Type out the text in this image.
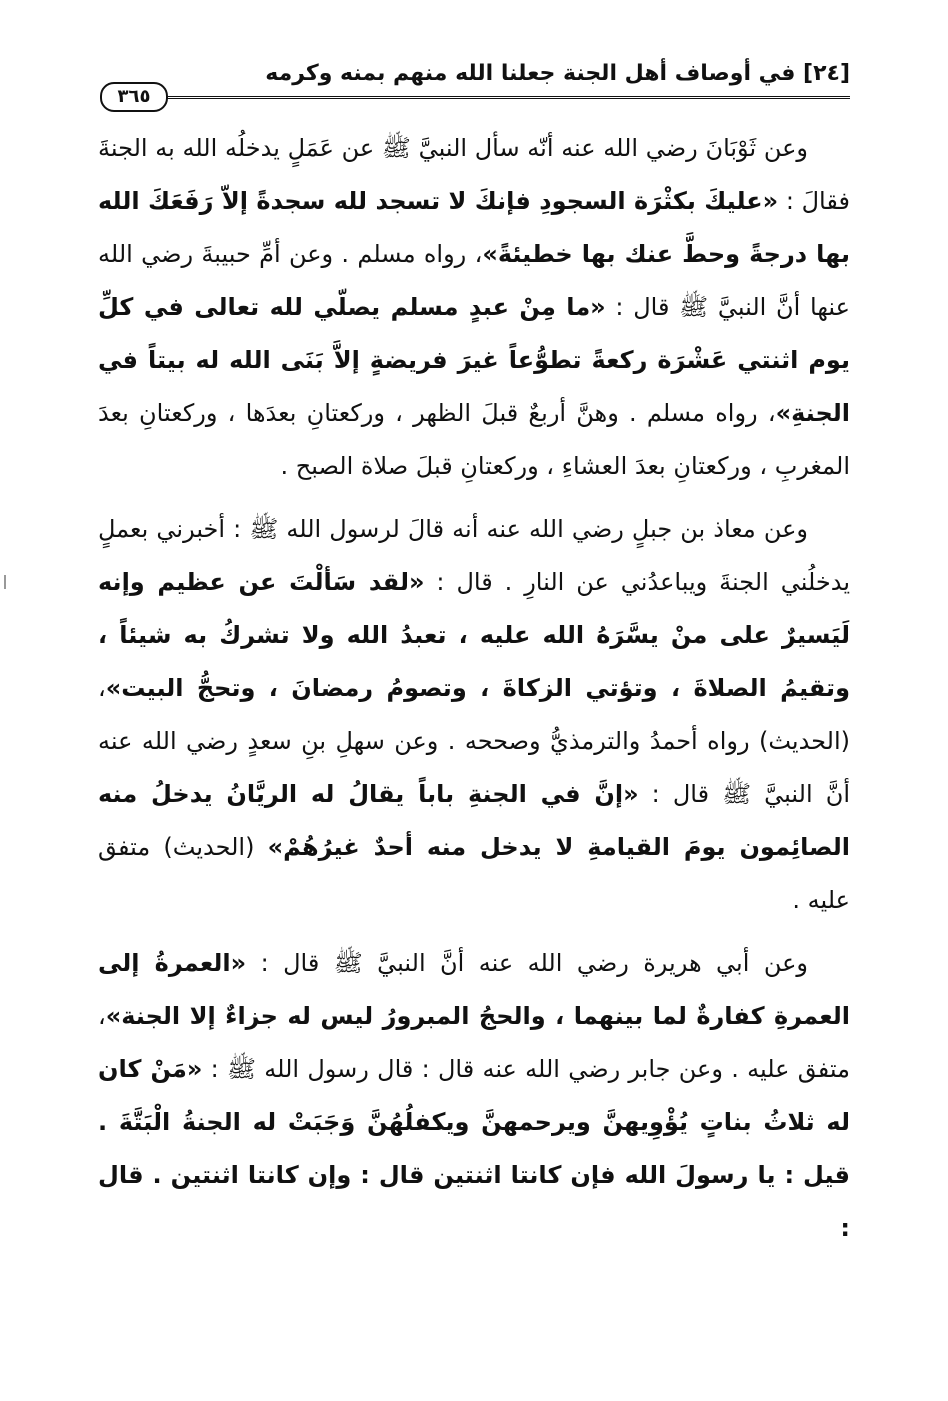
[٢٤] في أوصاف أهل الجنة جعلنا الله منهم بمنه وكرمه
٣٦٥

وعن ثَوْبَانَ رضي الله عنه أنّه سأل النبيَّ ﷺ عن عَمَلٍ يدخلُه الله به الجنةَ فقالَ : «عليكَ بكثْرَة السجودِ فإنكَ لا تسجد لله سجدةً إلاّ رَفَعَكَ الله بها درجةً وحطَّ عنك بها خطيئةً»، رواه مسلم . وعن أمِّ حبيبةَ رضي الله عنها أنَّ النبيَّ ﷺ قال : «ما مِنْ عبدٍ مسلم يصلّي لله تعالى في كلِّ يوم اثنتي عَشْرَة ركعةً تطوُّعاً غيرَ فريضةٍ إلاَّ بَنَى الله له بيتاً في الجنةِ»، رواه مسلم . وهنَّ أربعٌ قبلَ الظهر ، وركعتانِ بعدَها ، وركعتانِ بعدَ المغربِ ، وركعتانِ بعدَ العشاءِ ، وركعتانِ قبلَ صلاة الصبح .

وعن معاذ بن جبلٍ رضي الله عنه أنه قالَ لرسول الله ﷺ : أخبرني بعملٍ يدخلُني الجنةَ ويباعدُني عن النارِ . قال : «لقد سَألْتَ عن عظيم وإنه لَيَسيرٌ على منْ يسَّرَهُ الله عليه ، تعبدُ الله ولا تشركُ به شيئاً ، وتقيمُ الصلاةَ ، وتؤتي الزكاةَ ، وتصومُ رمضانَ ، وتحجُّ البيت»، (الحديث) رواه أحمدُ والترمذيُّ وصححه . وعن سهلِ بنِ سعدٍ رضي الله عنه أنَّ النبيَّ ﷺ قال : «إنَّ في الجنةِ باباً يقالُ له الريَّانُ يدخلُ منه الصائِمون يومَ القيامةِ لا يدخل منه أحدٌ غيرُهُمْ» (الحديث) متفق عليه .

وعن أبي هريرة رضي الله عنه أنَّ النبيَّ ﷺ قال : «العمرةُ إلى العمرةِ كفارةٌ لما بينهما ، والحجُ المبرورُ ليس له جزاءٌ إلا الجنة»، متفق عليه . وعن جابر رضي الله عنه قال : قال رسول الله ﷺ : «مَنْ كان له ثلاثُ بناتٍ يُؤْوِيهنَّ ويرحمهنَّ ويكفلُهُنَّ وَجَبَتْ له الجنةُ الْبَتَّةَ . قيل : يا رسولَ الله فإن كانتا اثنتين قال : وإن كانتا اثنتين . قال :
